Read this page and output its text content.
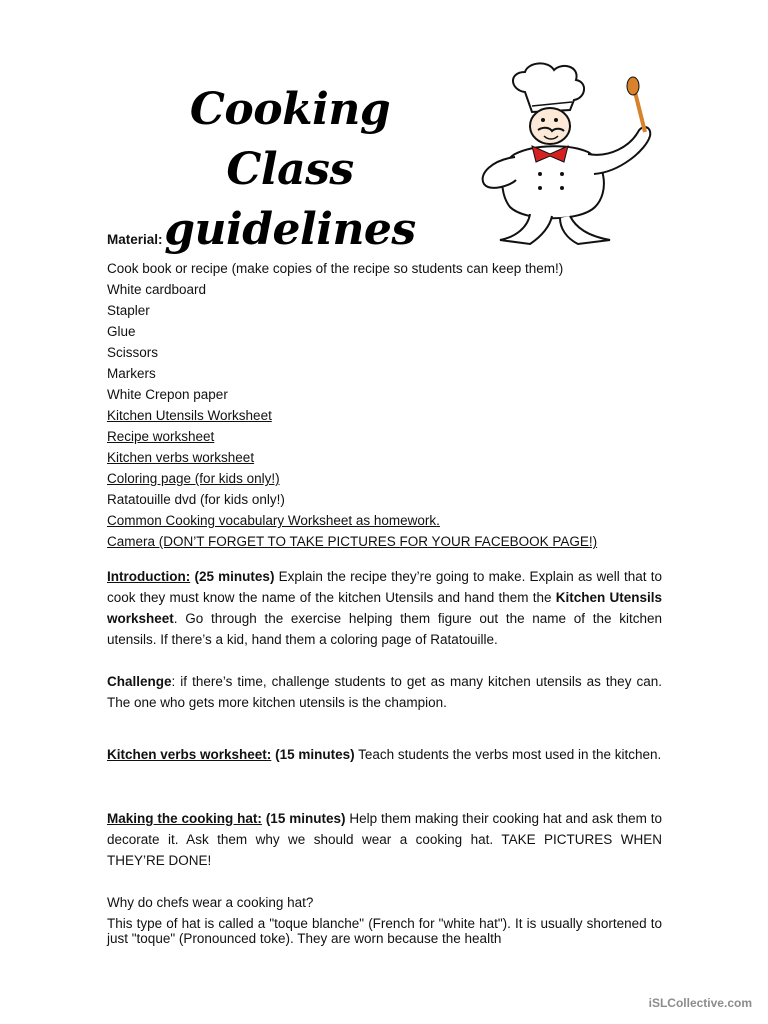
Cooking Class
guidelines
Material:
Cook book or recipe (make copies of the recipe so students can keep them!)
White cardboard
Stapler
Glue
Scissors
Markers
White Crepon paper
Kitchen Utensils Worksheet
Recipe worksheet
Kitchen verbs worksheet
Coloring page (for kids only!)
Ratatouille dvd (for kids only!)
Common Cooking vocabulary Worksheet as homework.
Camera (DON’T FORGET TO TAKE PICTURES FOR YOUR FACEBOOK PAGE!)

Introduction: (25 minutes) Explain the recipe they’re going to make. Explain as well that to cook they must know the name of the kitchen Utensils and hand them the Kitchen Utensils worksheet. Go through the exercise helping them figure out the name of the kitchen utensils. If there’s a kid, hand them a coloring page of Ratatouille.

Challenge: if there’s time, challenge students to get as many kitchen utensils as they can. The one who gets more kitchen utensils is the champion.

Kitchen verbs worksheet: (15 minutes) Teach students the verbs most used in the kitchen.

Making the cooking hat: (15 minutes) Help them making their cooking hat and ask them to decorate it. Ask them why we should wear a cooking hat. TAKE PICTURES WHEN THEY’RE DONE!

Why do chefs wear a cooking hat?

This type of hat is called a "toque blanche" (French for "white hat"). It is usually shortened to just "toque" (Pronounced toke). They are worn because the health

iSLCollective.com
